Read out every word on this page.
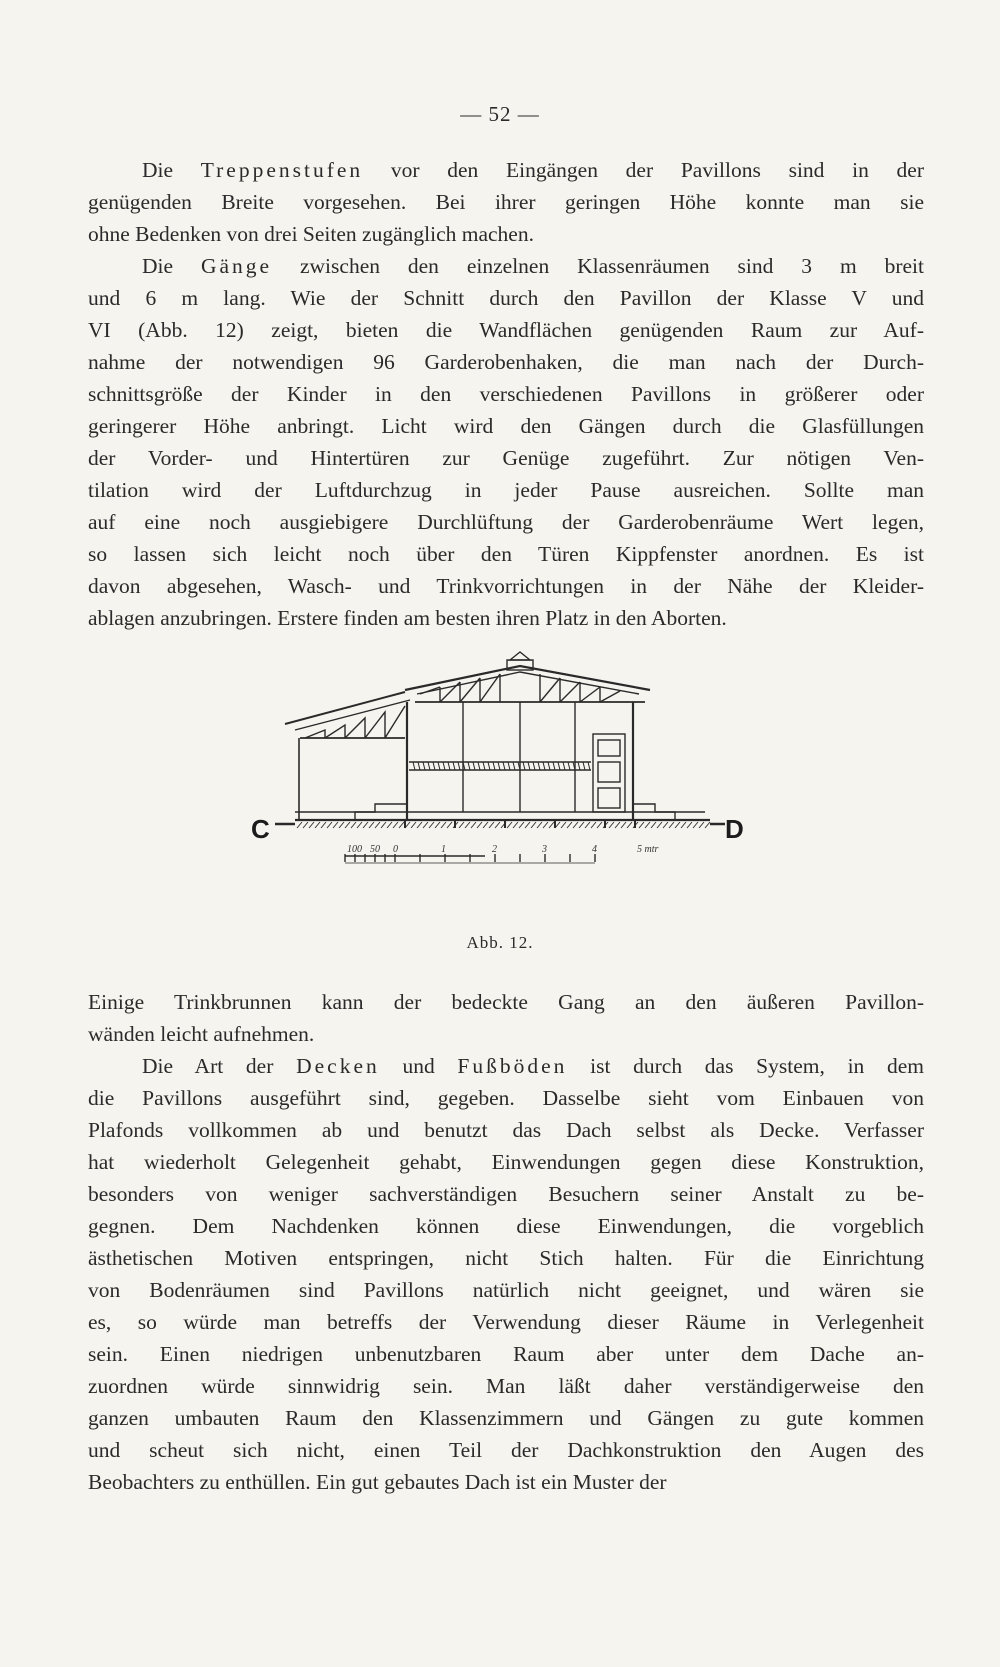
— 52 —
Die Treppenstufen vor den Eingängen der Pavillons sind in der
genügenden Breite vorgesehen. Bei ihrer geringen Höhe konnte man sie
ohne Bedenken von drei Seiten zugänglich machen.
Die Gänge zwischen den einzelnen Klassenräumen sind 3 m breit
und 6 m lang. Wie der Schnitt durch den Pavillon der Klasse V und
VI (Abb. 12) zeigt, bieten die Wandflächen genügenden Raum zur Auf-
nahme der notwendigen 96 Garderobenhaken, die man nach der Durch-
schnittsgröße der Kinder in den verschiedenen Pavillons in größerer oder
geringerer Höhe anbringt. Licht wird den Gängen durch die Glasfüllungen
der Vorder- und Hintertüren zur Genüge zugeführt. Zur nötigen Ven-
tilation wird der Luftdurchzug in jeder Pause ausreichen. Sollte man
auf eine noch ausgiebigere Durchlüftung der Garderobenräume Wert legen,
so lassen sich leicht noch über den Türen Kippfenster anordnen. Es ist
davon abgesehen, Wasch- und Trinkvorrichtungen in der Nähe der Kleider-
ablagen anzubringen. Erstere finden am besten ihren Platz in den Aborten.
C	D
100 50 0	1	2	3	4	5 mtr
Abb. 12.
Einige Trinkbrunnen kann der bedeckte Gang an den äußeren Pavillon-
wänden leicht aufnehmen.
Die Art der Decken und Fußböden ist durch das System, in dem
die Pavillons ausgeführt sind, gegeben. Dasselbe sieht vom Einbauen von
Plafonds vollkommen ab und benutzt das Dach selbst als Decke. Verfasser
hat wiederholt Gelegenheit gehabt, Einwendungen gegen diese Konstruktion,
besonders von weniger sachverständigen Besuchern seiner Anstalt zu be-
gegnen. Dem Nachdenken können diese Einwendungen, die vorgeblich
ästhetischen Motiven entspringen, nicht Stich halten. Für die Einrichtung
von Bodenräumen sind Pavillons natürlich nicht geeignet, und wären sie
es, so würde man betreffs der Verwendung dieser Räume in Verlegenheit
sein. Einen niedrigen unbenutzbaren Raum aber unter dem Dache an-
zuordnen würde sinnwidrig sein. Man läßt daher verständigerweise den
ganzen umbauten Raum den Klassenzimmern und Gängen zu gute kommen
und scheut sich nicht, einen Teil der Dachkonstruktion den Augen des
Beobachters zu enthüllen. Ein gut gebautes Dach ist ein Muster der
